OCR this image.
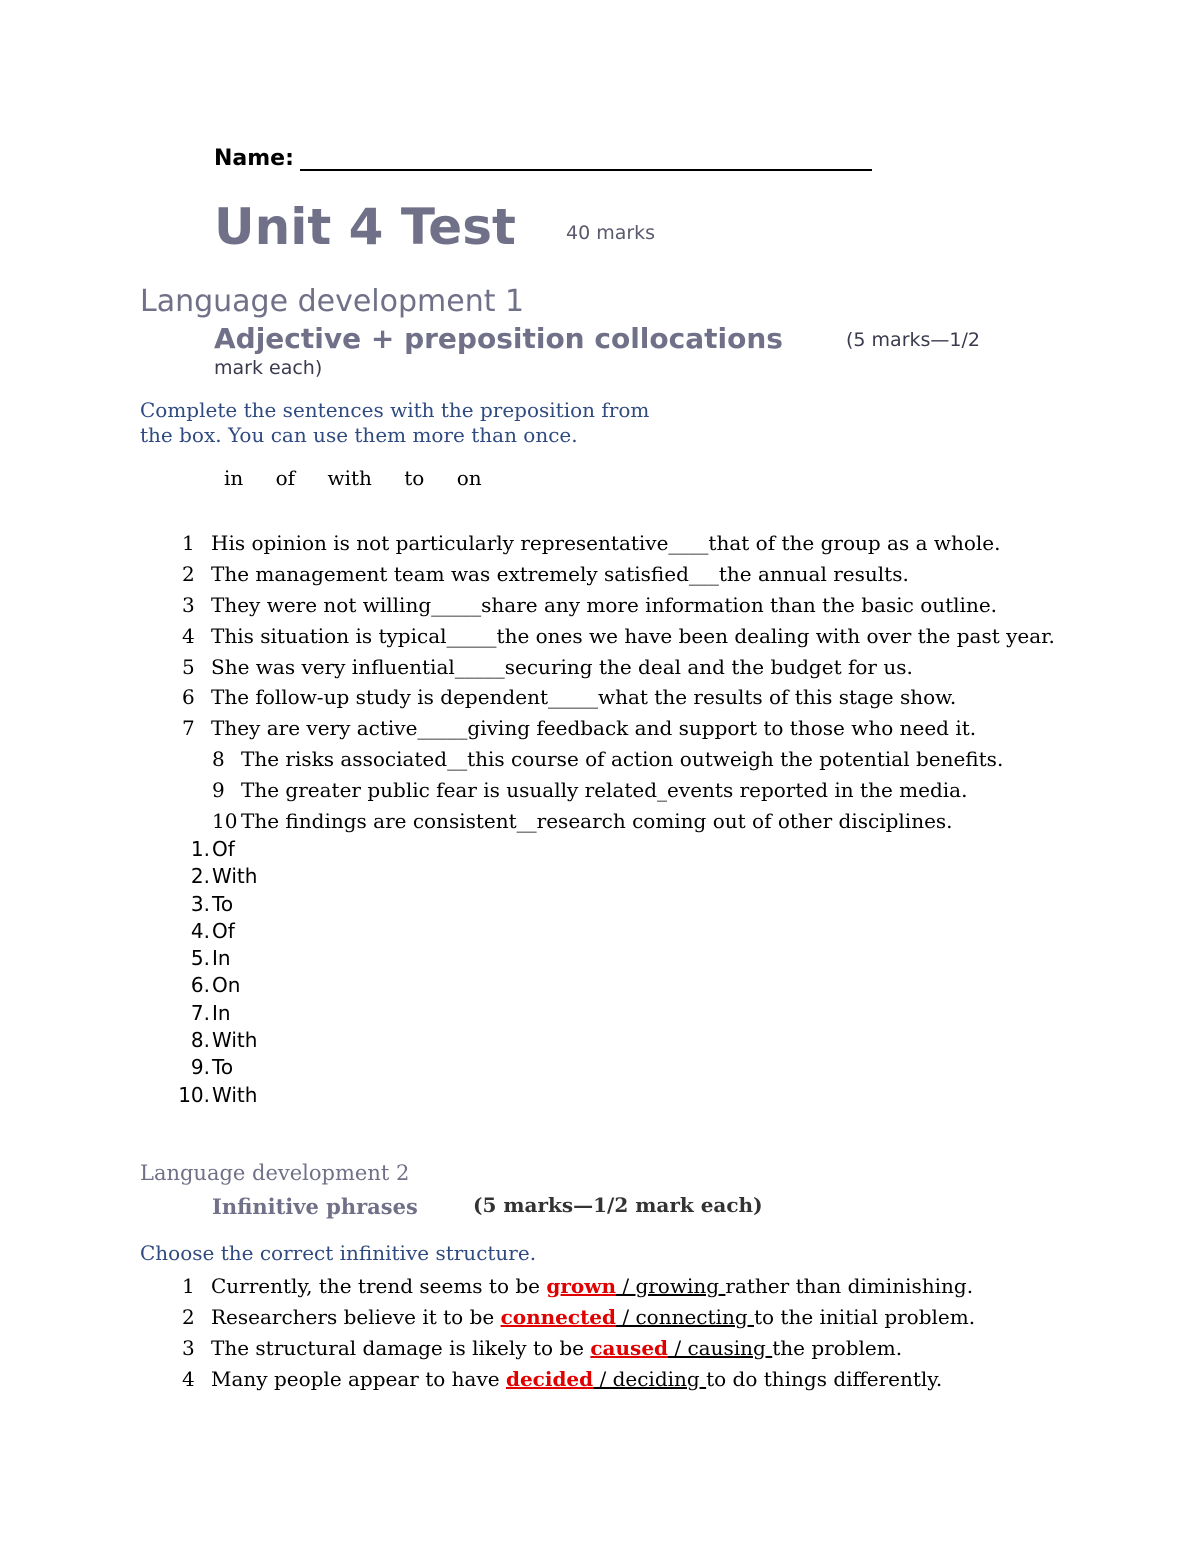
Name:
Unit 4 Test	40 marks
Language development 1
Adjective + preposition collocations	(5 marks—1/2
mark each)
Complete the sentences with the preposition from
the box. You can use them more than once.
in of with to on
1 His opinion is not particularly representative____that of the group as a whole.
2 The management team was extremely satisfied___the annual results.
3 They were not willing_____share any more information than the basic outline.
4 This situation is typical_____the ones we have been dealing with over the past year.
5 She was very influential_____securing the deal and the budget for us.
6 The follow-up study is dependent_____what the results of this stage show.
7 They are very active_____giving feedback and support to those who need it.
8 The risks associated__this course of action outweigh the potential benefits.
9 The greater public fear is usually related_events reported in the media.
10 The findings are consistent__research coming out of other disciplines.
1. Of
2. With
3. To
4. Of
5. In
6. On
7. In
8. With
9. To
10. With
Language development 2
Infinitive phrases	(5 marks—1/2 mark each)
Choose the correct infinitive structure.
1 Currently, the trend seems to be grown / growing rather than diminishing.
2 Researchers believe it to be connected / connecting to the initial problem.
3 The structural damage is likely to be caused / causing the problem.
4 Many people appear to have decided / deciding to do things differently.
